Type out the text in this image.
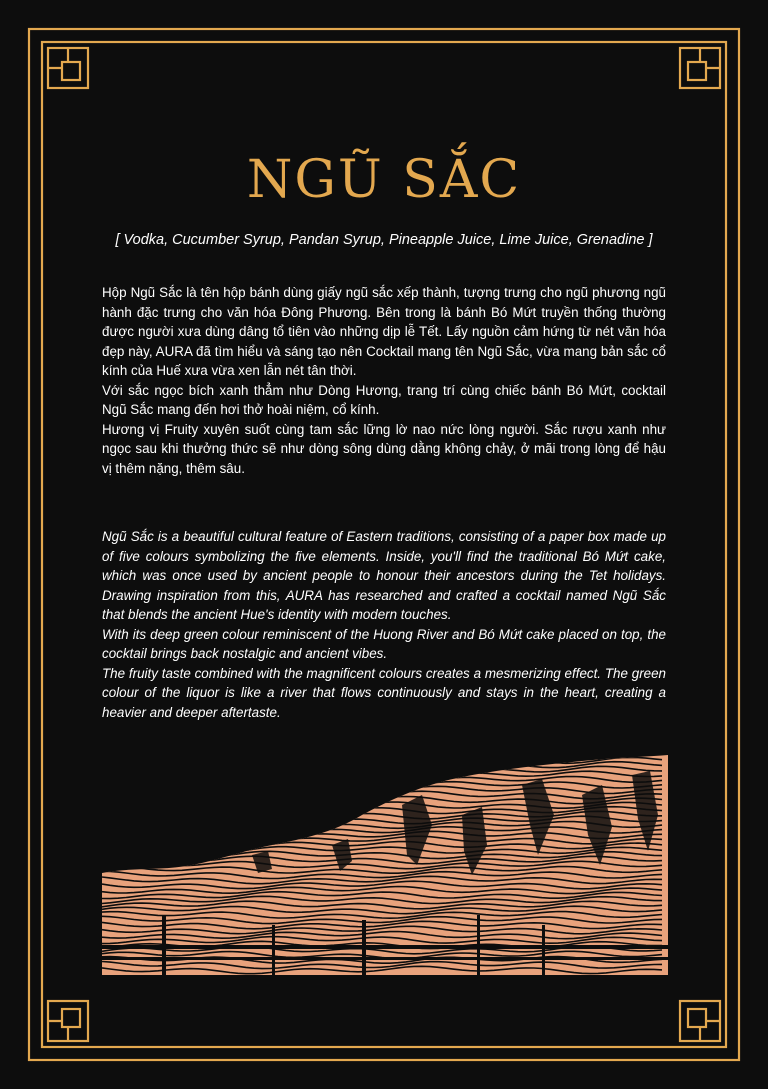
NGŨ SẮC

[ Vodka, Cucumber Syrup, Pandan Syrup, Pineapple Juice, Lime Juice, Grenadine ]

Hộp Ngũ Sắc là tên hộp bánh dùng giấy ngũ sắc xếp thành, tượng trưng cho ngũ phương ngũ hành đặc trưng cho văn hóa Đông Phương. Bên trong là bánh Bó Mứt truyền thống thường được người xưa dùng dâng tổ tiên vào những dịp lễ Tết. Lấy nguồn cảm hứng từ nét văn hóa đẹp này, AURA đã tìm hiểu và sáng tạo nên Cocktail mang tên Ngũ Sắc, vừa mang bản sắc cổ kính của Huế xưa vừa xen lẫn nét tân thời.

Với sắc ngọc bích xanh thẳm như Dòng Hương, trang trí cùng chiếc bánh Bó Mứt, cocktail Ngũ Sắc mang đến hơi thở hoài niệm, cổ kính.

Hương vị Fruity xuyên suốt cùng tam sắc lững lờ nao nức lòng người. Sắc rượu xanh như ngọc sau khi thưởng thức sẽ như dòng sông dùng dằng không chảy, ở mãi trong lòng để hậu vị thêm nặng, thêm sâu.

Ngũ Sắc is a beautiful cultural feature of Eastern traditions, consisting of a paper box made up of five colours symbolizing the five elements. Inside, you'll find the traditional Bó Mứt cake, which was once used by ancient people to honour their ancestors during the Tet holidays. Drawing inspiration from this, AURA has researched and crafted a cocktail named Ngũ Sắc that blends the ancient Hue's identity with modern touches.

With its deep green colour reminiscent of the Huong River and Bó Mứt cake placed on top, the cocktail brings back nostalgic and ancient vibes.

The fruity taste combined with the magnificent colours creates a mesmerizing effect. The green colour of the liquor is like a river that flows continuously and stays in the heart, creating a heavier and deeper aftertaste.
